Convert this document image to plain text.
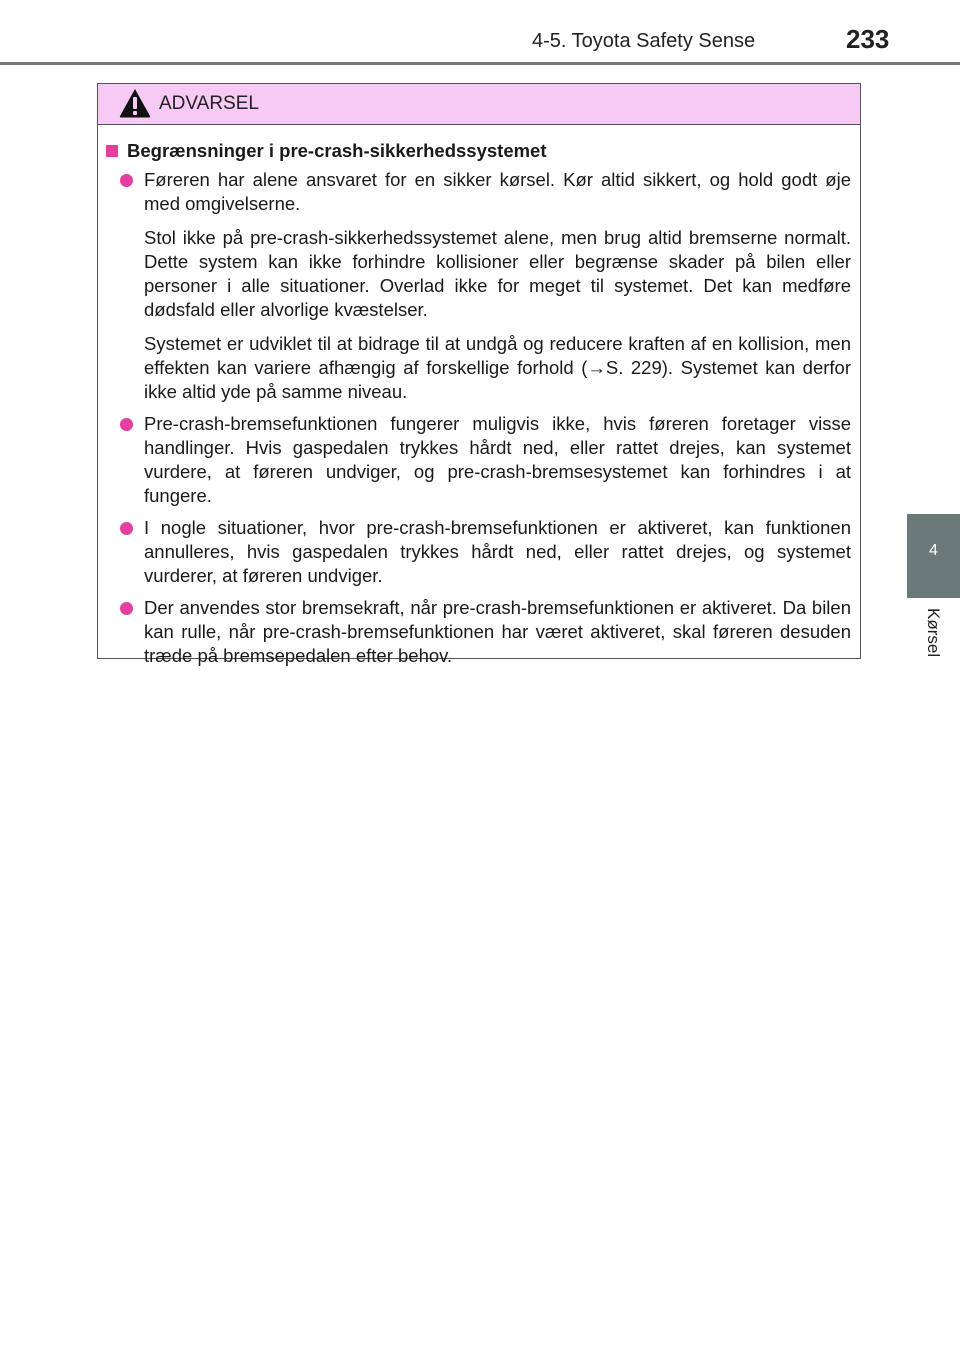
4-5. Toyota Safety Sense	233
4
Kørsel
ADVARSEL
Begrænsninger i pre-crash-sikkerhedssystemet
Føreren har alene ansvaret for en sikker kørsel. Kør altid sikkert, og hold godt øje med omgivelserne.
Stol ikke på pre-crash-sikkerhedssystemet alene, men brug altid bremserne normalt. Dette system kan ikke forhindre kollisioner eller begrænse skader på bilen eller personer i alle situationer. Overlad ikke for meget til systemet. Det kan medføre dødsfald eller alvorlige kvæstelser.
Systemet er udviklet til at bidrage til at undgå og reducere kraften af en kollision, men effekten kan variere afhængig af forskellige forhold (→S. 229). Systemet kan derfor ikke altid yde på samme niveau.
Pre-crash-bremsefunktionen fungerer muligvis ikke, hvis føreren foretager visse handlinger. Hvis gaspedalen trykkes hårdt ned, eller rattet drejes, kan systemet vurdere, at føreren undviger, og pre-crash-bremsesystemet kan forhindres i at fungere.
I nogle situationer, hvor pre-crash-bremsefunktionen er aktiveret, kan funktionen annulleres, hvis gaspedalen trykkes hårdt ned, eller rattet drejes, og systemet vurderer, at føreren undviger.
Der anvendes stor bremsekraft, når pre-crash-bremsefunktionen er aktiveret. Da bilen kan rulle, når pre-crash-bremsefunktionen har været aktiveret, skal føreren desuden træde på bremsepedalen efter behov.
